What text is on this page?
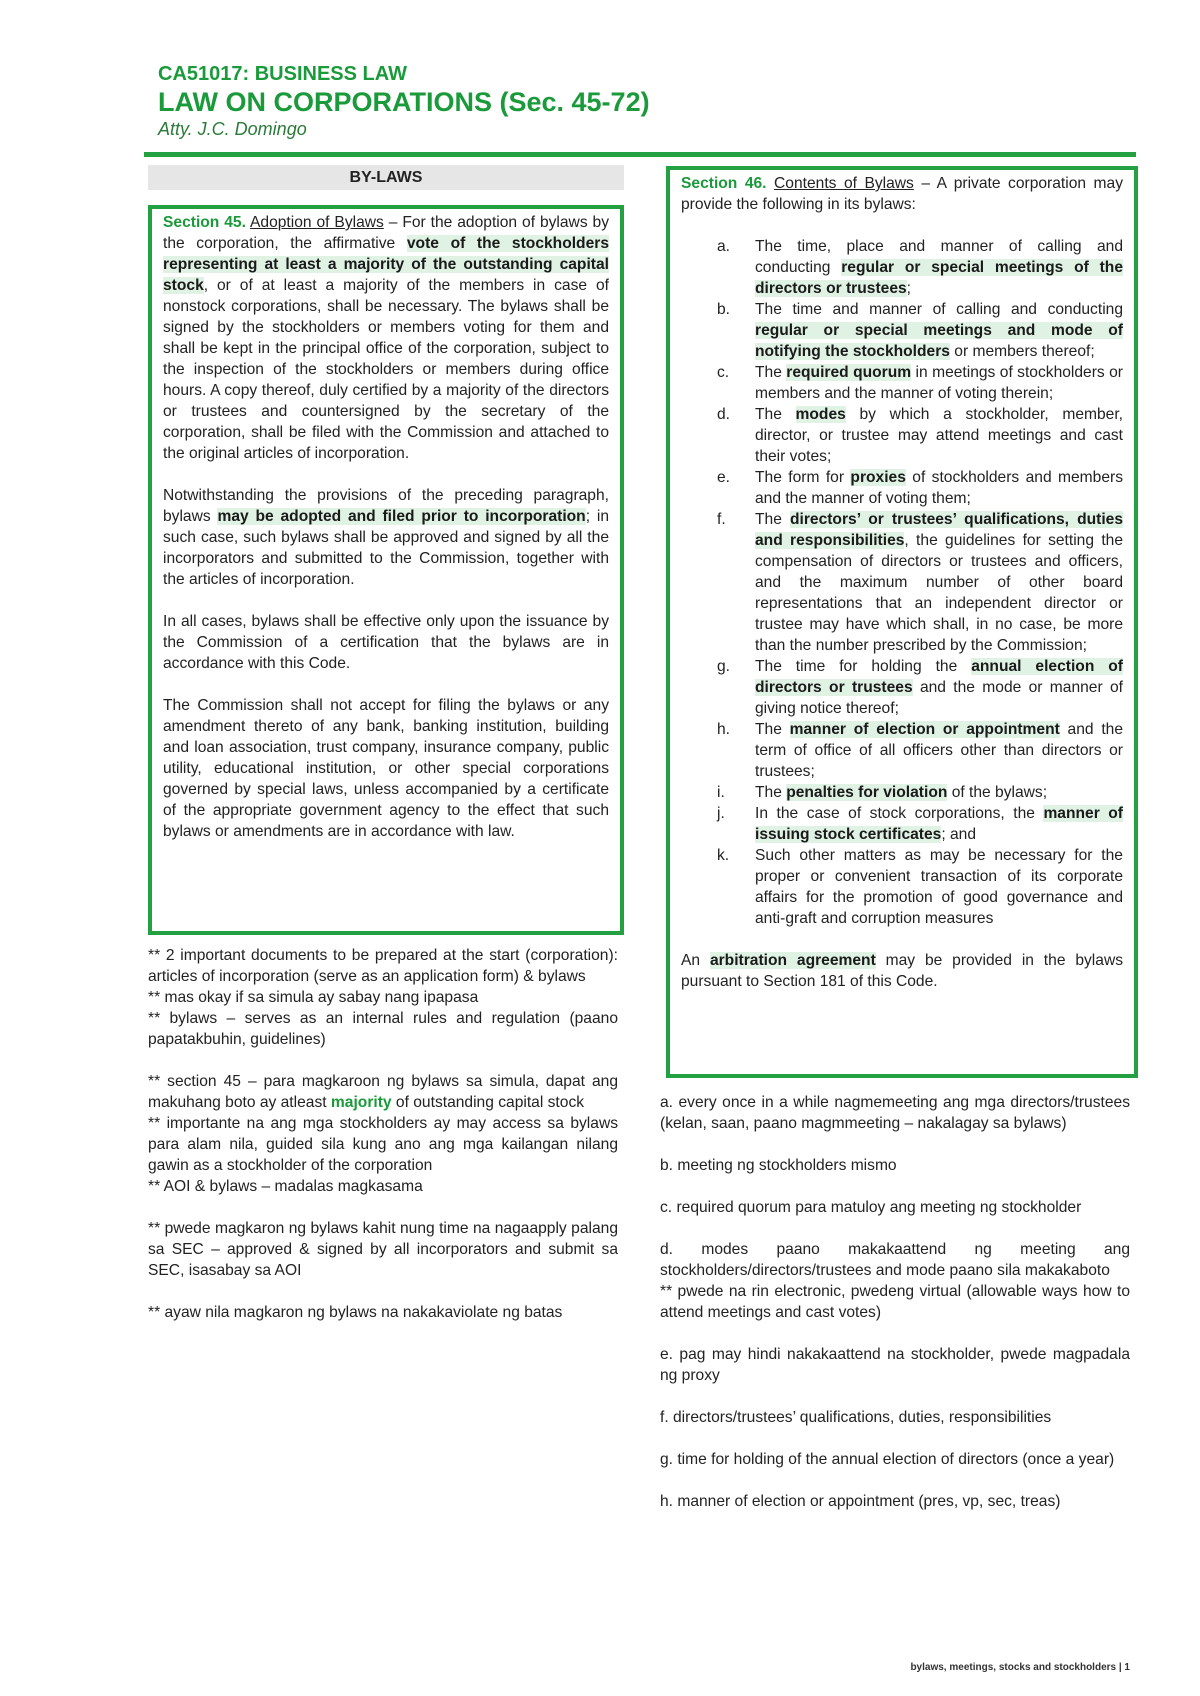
CA51017: BUSINESS LAW
LAW ON CORPORATIONS (Sec. 45-72)
Atty. J.C. Domingo
BY-LAWS

Section 45. Adoption of Bylaws – For the adoption of bylaws by the corporation, the affirmative vote of the stockholders representing at least a majority of the outstanding capital stock, or of at least a majority of the members in case of nonstock corporations, shall be necessary. The bylaws shall be signed by the stockholders or members voting for them and shall be kept in the principal office of the corporation, subject to the inspection of the stockholders or members during office hours. A copy thereof, duly certified by a majority of the directors or trustees and countersigned by the secretary of the corporation, shall be filed with the Commission and attached to the original articles of incorporation.

Notwithstanding the provisions of the preceding paragraph, bylaws may be adopted and filed prior to incorporation; in such case, such bylaws shall be approved and signed by all the incorporators and submitted to the Commission, together with the articles of incorporation.

In all cases, bylaws shall be effective only upon the issuance by the Commission of a certification that the bylaws are in accordance with this Code.

The Commission shall not accept for filing the bylaws or any amendment thereto of any bank, banking institution, building and loan association, trust company, insurance company, public utility, educational institution, or other special corporations governed by special laws, unless accompanied by a certificate of the appropriate government agency to the effect that such bylaws or amendments are in accordance with law.

** 2 important documents to be prepared at the start (corporation): articles of incorporation (serve as an application form) & bylaws

** mas okay if sa simula ay sabay nang ipapasa

** bylaws – serves as an internal rules and regulation (paano papatakbuhin, guidelines)

** section 45 – para magkaroon ng bylaws sa simula, dapat ang makuhang boto ay atleast majority of outstanding capital stock

** importante na ang mga stockholders ay may access sa bylaws para alam nila, guided sila kung ano ang mga kailangan nilang gawin as a stockholder of the corporation

** AOI & bylaws – madalas magkasama

** pwede magkaron ng bylaws kahit nung time na nagaapply palang sa SEC – approved & signed by all incorporators and submit sa SEC, isasabay sa AOI

** ayaw nila magkaron ng bylaws na nakakaviolate ng batas

Section 46. Contents of Bylaws – A private corporation may provide the following in its bylaws:

a.	The time, place and manner of calling and conducting regular or special meetings of the directors or trustees;
b.	The time and manner of calling and conducting regular or special meetings and mode of notifying the stockholders or members thereof;
c.	The required quorum in meetings of stockholders or members and the manner of voting therein;
d.	The modes by which a stockholder, member, director, or trustee may attend meetings and cast their votes;
e.	The form for proxies of stockholders and members and the manner of voting them;
f.	The directors’ or trustees’ qualifications, duties and responsibilities, the guidelines for setting the compensation of directors or trustees and officers, and the maximum number of other board representations that an independent director or trustee may have which shall, in no case, be more than the number prescribed by the Commission;
g.	The time for holding the annual election of directors or trustees and the mode or manner of giving notice thereof;
h.	The manner of election or appointment and the term of office of all officers other than directors or trustees;
i.	The penalties for violation of the bylaws;
j.	In the case of stock corporations, the manner of issuing stock certificates; and
k.	Such other matters as may be necessary for the proper or convenient transaction of its corporate affairs for the promotion of good governance and anti-graft and corruption measures

An arbitration agreement may be provided in the bylaws pursuant to Section 181 of this Code.

a. every once in a while nagmemeeting ang mga directors/trustees (kelan, saan, paano magmmeeting – nakalagay sa bylaws)

b. meeting ng stockholders mismo

c. required quorum para matuloy ang meeting ng stockholder

d. modes paano makakaattend ng meeting ang stockholders/directors/trustees and mode paano sila makakaboto

** pwede na rin electronic, pwedeng virtual (allowable ways how to attend meetings and cast votes)

e. pag may hindi nakakaattend na stockholder, pwede magpadala ng proxy

f. directors/trustees’ qualifications, duties, responsibilities

g. time for holding of the annual election of directors (once a year)

h. manner of election or appointment (pres, vp, sec, treas)

bylaws, meetings, stocks and stockholders | 1
